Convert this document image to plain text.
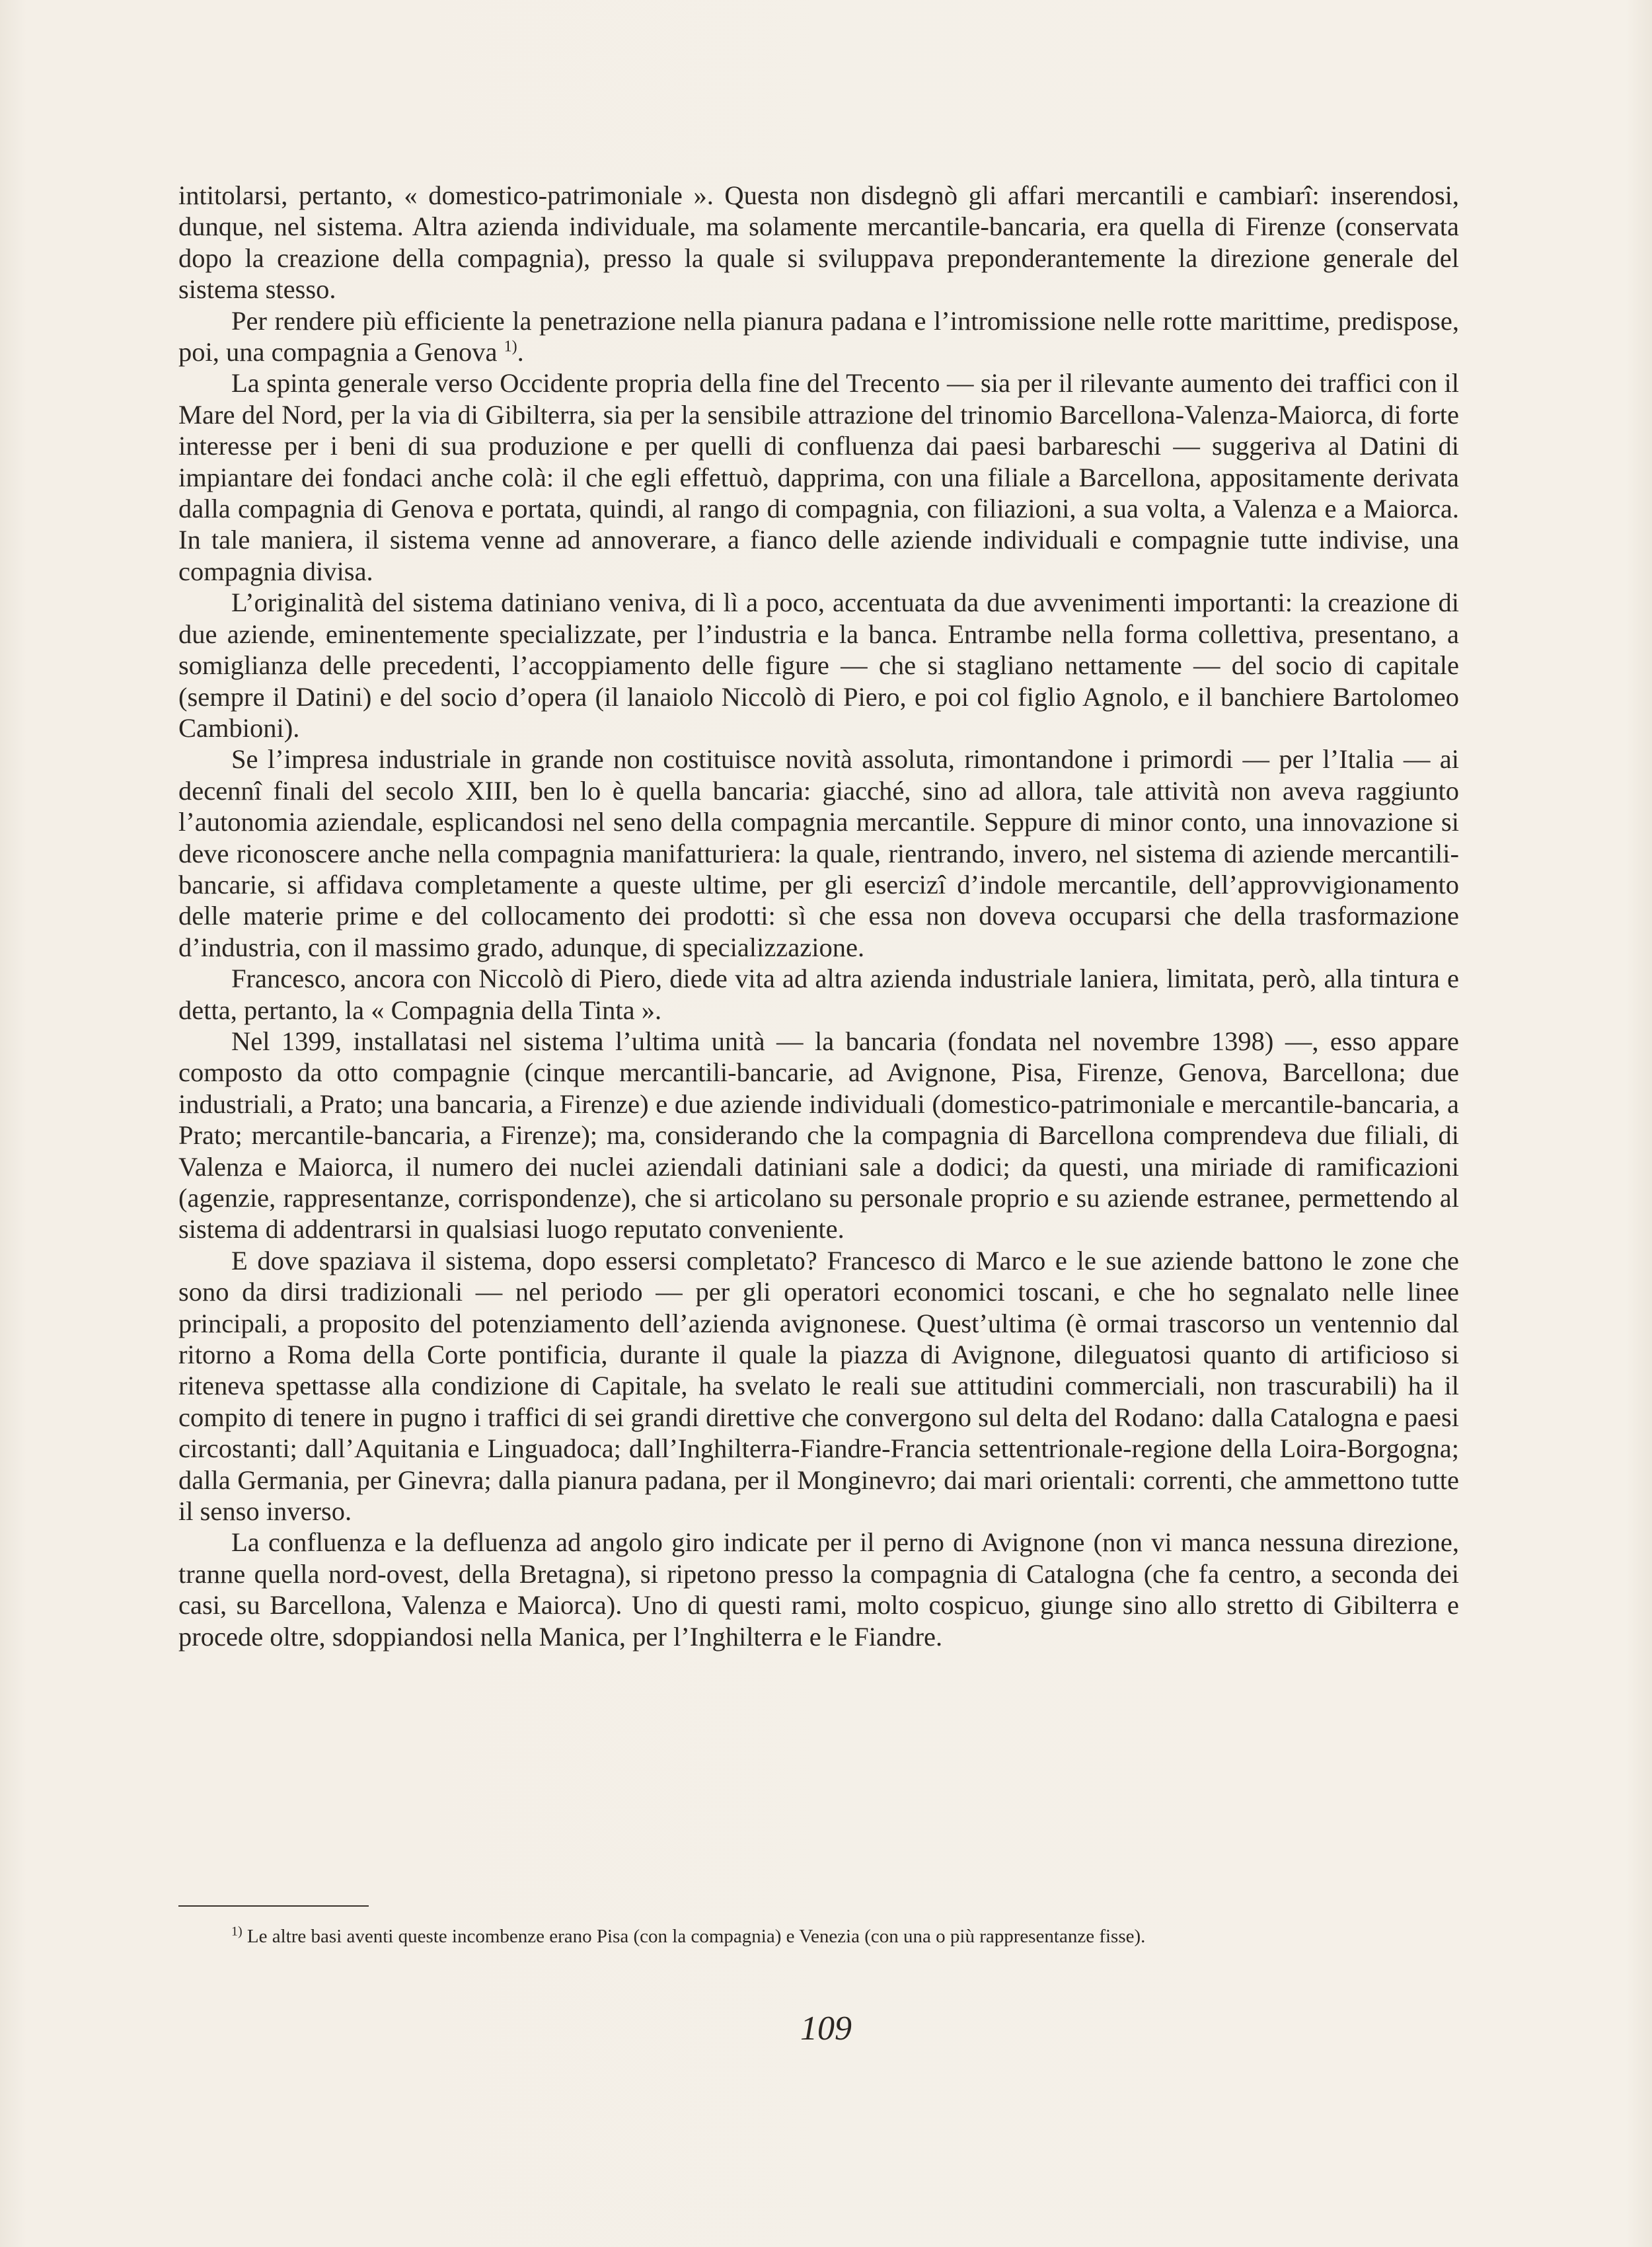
intitolarsi, pertanto, « domestico-patrimoniale ». Questa non disdegnò gli affari mercantili e cambiarî: inserendosi, dunque, nel sistema. Altra azienda individuale, ma solamente mercantile-bancaria, era quella di Firenze (conservata dopo la creazione della compagnia), presso la quale si sviluppava preponderantemente la direzione generale del sistema stesso.

Per rendere più efficiente la penetrazione nella pianura padana e l’intromissione nelle rotte marittime, predispose, poi, una compagnia a Genova $^{1)}$.

La spinta generale verso Occidente propria della fine del Trecento — sia per il rilevante aumento dei traffici con il Mare del Nord, per la via di Gibilterra, sia per la sensibile attrazione del trinomio Barcellona-Valenza-Maiorca, di forte interesse per i beni di sua produzione e per quelli di confluenza dai paesi barbareschi — suggeriva al Datini di impiantare dei fondaci anche colà: il che egli effettuò, dapprima, con una filiale a Barcellona, appositamente derivata dalla compagnia di Genova e portata, quindi, al rango di compagnia, con filiazioni, a sua volta, a Valenza e a Maiorca. In tale maniera, il sistema venne ad annoverare, a fianco delle aziende individuali e compagnie tutte indivise, una compagnia divisa.

L’originalità del sistema datiniano veniva, di lì a poco, accentuata da due avvenimenti importanti: la creazione di due aziende, eminentemente specializzate, per l’industria e la banca. Entrambe nella forma collettiva, presentano, a somiglianza delle precedenti, l’accoppiamento delle figure — che si stagliano nettamente — del socio di capitale (sempre il Datini) e del socio d’opera (il lanaiolo Niccolò di Piero, e poi col figlio Agnolo, e il banchiere Bartolomeo Cambioni).

Se l’impresa industriale in grande non costituisce novità assoluta, rimontandone i primordi — per l’Italia — ai decennî finali del secolo XIII, ben lo è quella bancaria: giacché, sino ad allora, tale attività non aveva raggiunto l’autonomia aziendale, esplicandosi nel seno della compagnia mercantile. Seppure di minor conto, una innovazione si deve riconoscere anche nella compagnia manifatturiera: la quale, rientrando, invero, nel sistema di aziende mercantili-bancarie, si affidava completamente a queste ultime, per gli esercizî d’indole mercantile, dell’approvvigionamento delle materie prime e del collocamento dei prodotti: sì che essa non doveva occuparsi che della trasformazione d’industria, con il massimo grado, adunque, di specializzazione.

Francesco, ancora con Niccolò di Piero, diede vita ad altra azienda industriale laniera, limitata, però, alla tintura e detta, pertanto, la « Compagnia della Tinta ».

Nel 1399, installatasi nel sistema l’ultima unità — la bancaria (fondata nel novembre 1398) —, esso appare composto da otto compagnie (cinque mercantili-bancarie, ad Avignone, Pisa, Firenze, Genova, Barcellona; due industriali, a Prato; una bancaria, a Firenze) e due aziende individuali (domestico-patrimoniale e mercantile-bancaria, a Prato; mercantile-bancaria, a Firenze); ma, considerando che la compagnia di Barcellona comprendeva due filiali, di Valenza e Maiorca, il numero dei nuclei aziendali datiniani sale a dodici; da questi, una miriade di ramificazioni (agenzie, rappresentanze, corrispondenze), che si articolano su personale proprio e su aziende estranee, permettendo al sistema di addentrarsi in qualsiasi luogo reputato conveniente.

E dove spaziava il sistema, dopo essersi completato? Francesco di Marco e le sue aziende battono le zone che sono da dirsi tradizionali — nel periodo — per gli operatori economici toscani, e che ho segnalato nelle linee principali, a proposito del potenziamento dell’azienda avignonese. Quest’ultima (è ormai trascorso un ventennio dal ritorno a Roma della Corte pontificia, durante il quale la piazza di Avignone, dileguatosi quanto di artificioso si riteneva spettasse alla condizione di Capitale, ha svelato le reali sue attitudini commerciali, non trascurabili) ha il compito di tenere in pugno i traffici di sei grandi direttive che convergono sul delta del Rodano: dalla Catalogna e paesi circostanti; dall’Aquitania e Linguadoca; dall’Inghilterra-Fiandre-Francia settentrionale-regione della Loira-Borgogna; dalla Germania, per Ginevra; dalla pianura padana, per il Monginevro; dai mari orientali: correnti, che ammettono tutte il senso inverso.

La confluenza e la defluenza ad angolo giro indicate per il perno di Avignone (non vi manca nessuna direzione, tranne quella nord-ovest, della Bretagna), si ripetono presso la compagnia di Catalogna (che fa centro, a seconda dei casi, su Barcellona, Valenza e Maiorca). Uno di questi rami, molto cospicuo, giunge sino allo stretto di Gibilterra e procede oltre, sdoppiandosi nella Manica, per l’Inghilterra e le Fiandre.

$^{1)}$ Le altre basi aventi queste incombenze erano Pisa (con la compagnia) e Venezia (con una o più rappresentanze fisse).

109
